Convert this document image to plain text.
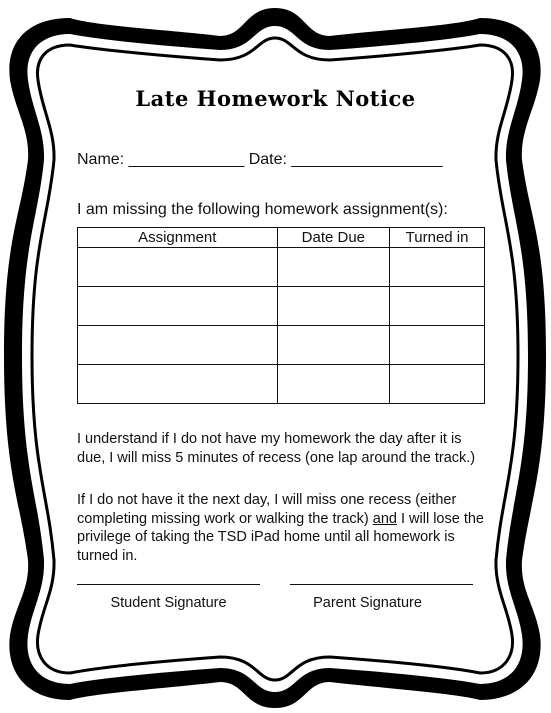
Late Homework Notice
Name: _____________ Date: _________________
I am missing the following homework assignment(s):
Assignment	Date Due	Turned in

I understand if I do not have my homework the day after it is due, I will miss 5 minutes of recess (one lap around the track.)
If I do not have it the next day, I will miss one recess (either completing missing work or walking the track) and I will lose the privilege of taking the TSD iPad home until all homework is turned in.
Student Signature	Parent Signature
